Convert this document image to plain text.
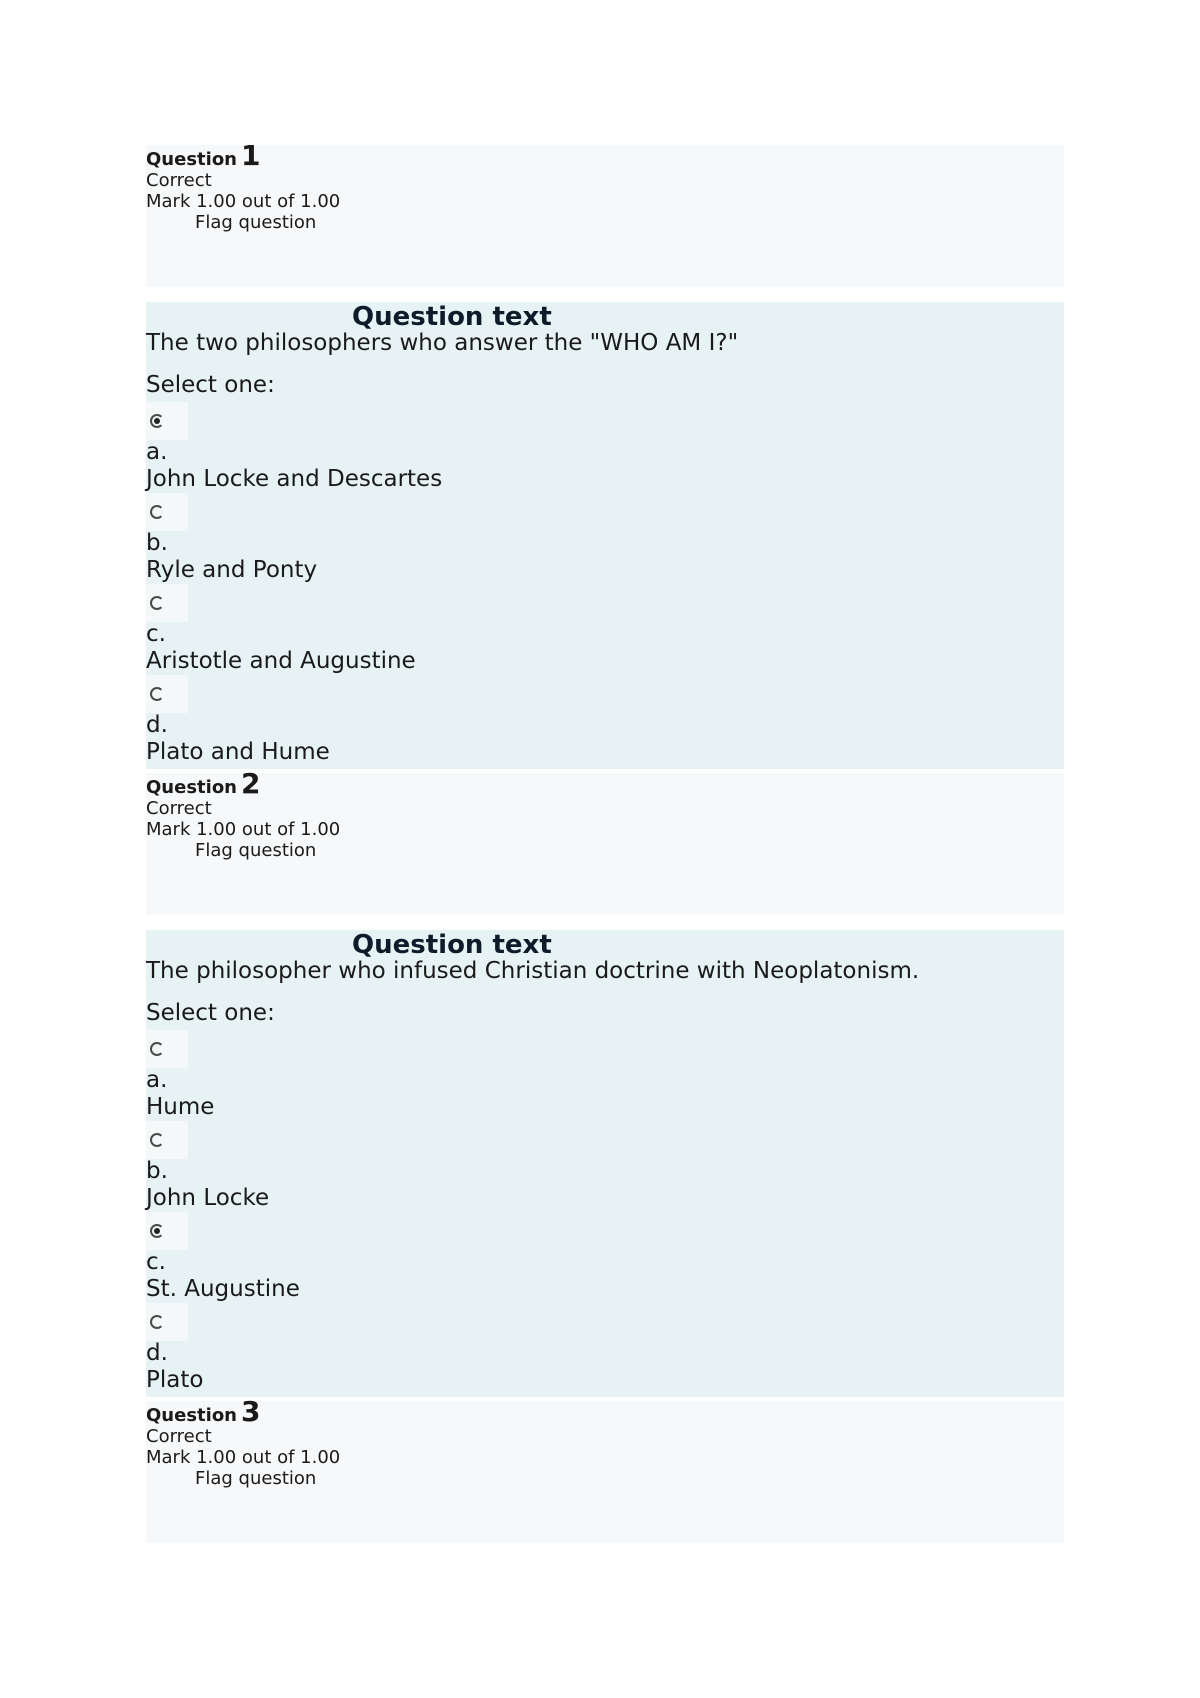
Question 1
Correct
Mark 1.00 out of 1.00
Flag question
Question text
The two philosophers who answer the "WHO AM I?"
Select one:
a.
John Locke and Descartes
b.
Ryle and Ponty
c.
Aristotle and Augustine
d.
Plato and Hume
Question 2
Correct
Mark 1.00 out of 1.00
Flag question
Question text
The philosopher who infused Christian doctrine with Neoplatonism.
Select one:
a.
Hume
b.
John Locke
c.
St. Augustine
d.
Plato
Question 3
Correct
Mark 1.00 out of 1.00
Flag question
